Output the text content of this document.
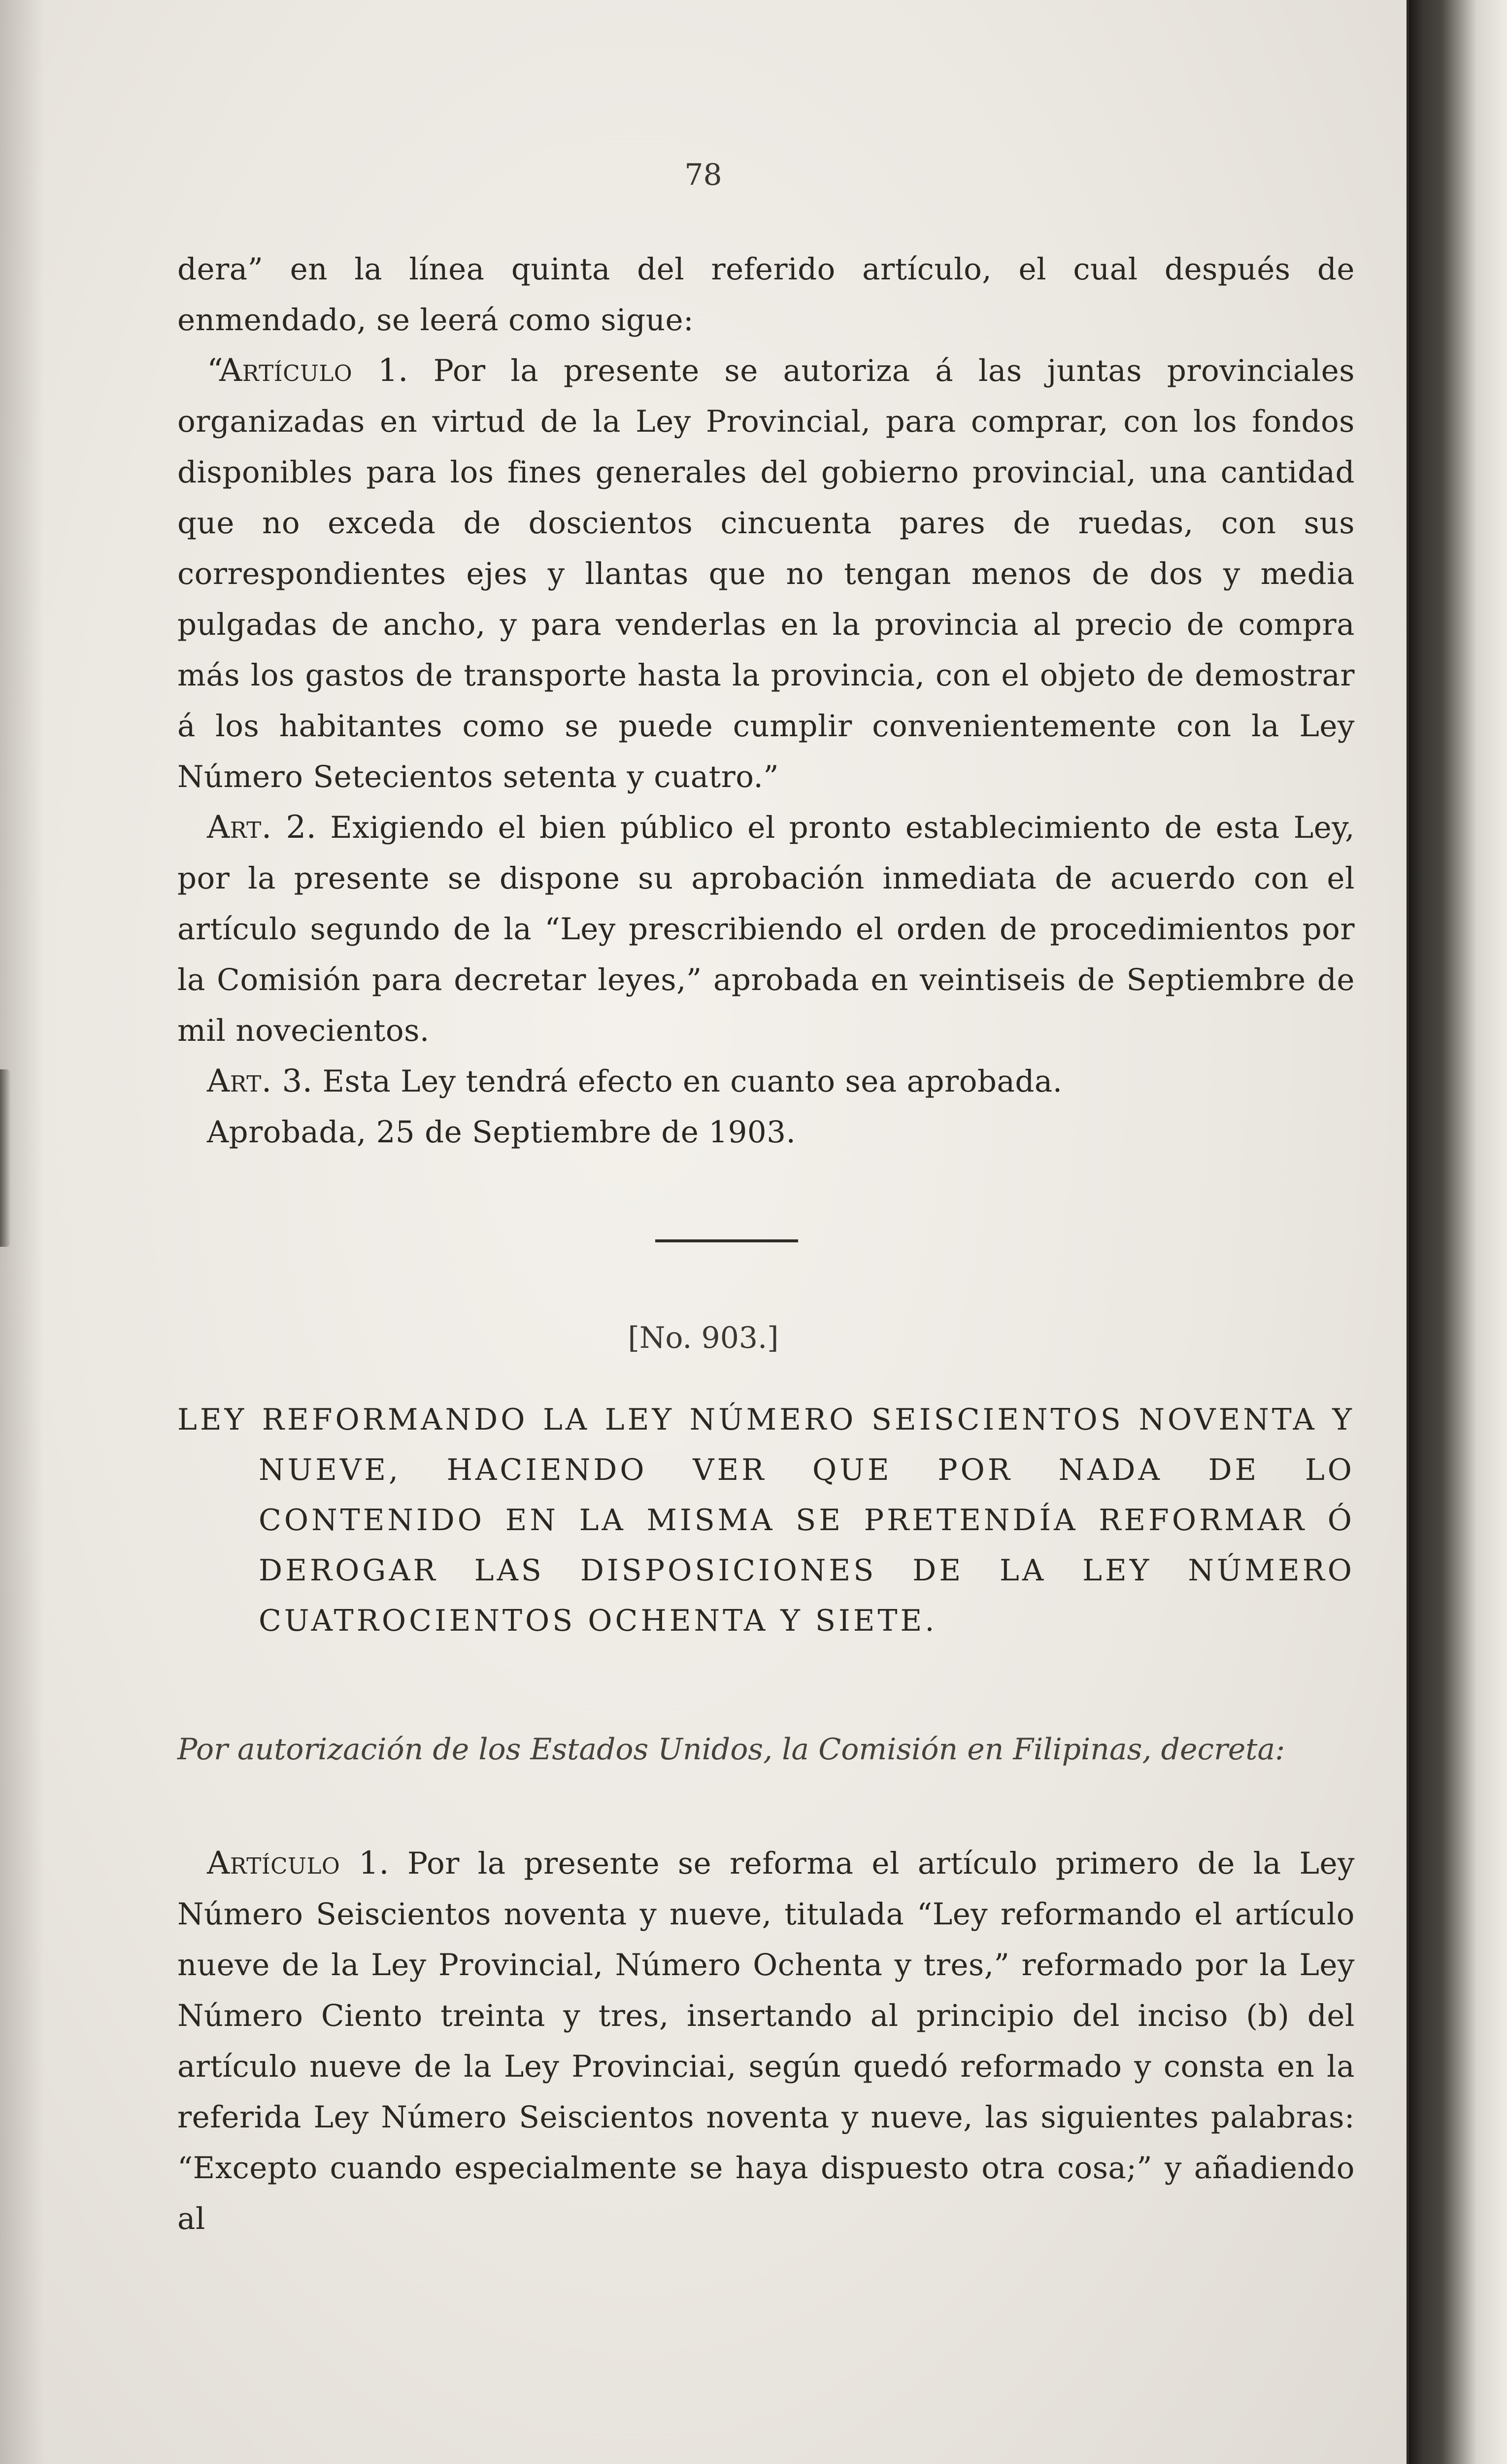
78

dera” en la línea quinta del referido artículo, el cual después de enmendado, se leerá como sigue:

“Artículo 1. Por la presente se autoriza á las juntas provinciales organizadas en virtud de la Ley Provincial, para comprar, con los fondos disponibles para los fines generales del gobierno provincial, una cantidad que no exceda de doscientos cincuenta pares de ruedas, con sus correspondientes ejes y llantas que no tengan menos de dos y media pulgadas de ancho, y para venderlas en la provincia al precio de compra más los gastos de transporte hasta la provincia, con el objeto de demostrar á los habitantes como se puede cumplir convenientemente con la Ley Número Setecientos setenta y cuatro.”

Art. 2. Exigiendo el bien público el pronto establecimiento de esta Ley, por la presente se dispone su aprobación inmediata de acuerdo con el artículo segundo de la “Ley prescribiendo el orden de procedimientos por la Comisión para decretar leyes,” aprobada en veintiseis de Septiembre de mil novecientos.

Art. 3. Esta Ley tendrá efecto en cuanto sea aprobada.

Aprobada, 25 de Septiembre de 1903.

[No. 903.]
LEY REFORMANDO LA LEY NÚMERO SEISCIENTOS NOVENTA Y NUEVE, HACIENDO VER QUE POR NADA DE LO CONTENIDO EN LA MISMA SE PRETENDÍA REFORMAR Ó DEROGAR LAS DISPOSICIONES DE LA LEY NÚMERO CUATROCIENTOS OCHENTA Y SIETE.
Por autorización de los Estados Unidos, la Comisión en Filipinas, decreta:

Artículo 1. Por la presente se reforma el artículo primero de la Ley Número Seiscientos noventa y nueve, titulada “Ley reformando el artículo nueve de la Ley Provincial, Número Ochenta y tres,” reformado por la Ley Número Ciento treinta y tres, insertando al principio del inciso (b) del artículo nueve de la Ley Provinciai, según quedó reformado y consta en la referida Ley Número Seiscientos noventa y nueve, las siguientes palabras: “Excepto cuando especialmente se haya dispuesto otra cosa;” y añadiendo al
